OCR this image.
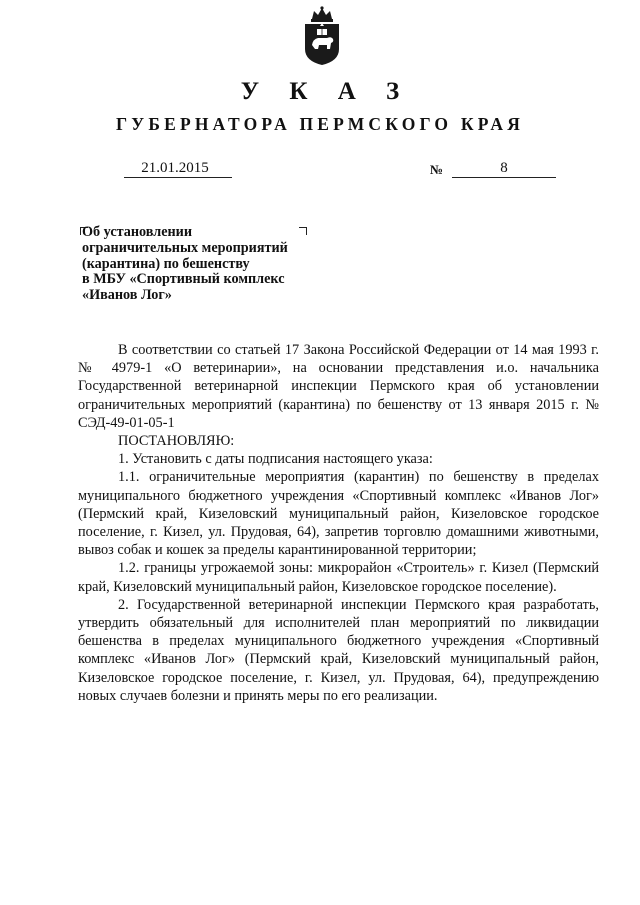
У К А З
ГУБЕРНАТОРА ПЕРМСКОГО КРАЯ
21.01.2015	№	8
Об установлении
ограничительных мероприятий
(карантина) по бешенству
в МБУ «Спортивный комплекс
«Иванов Лог»

В соответствии со статьей 17 Закона Российской Федерации от 14 мая 1993 г. № 4979-1 «О ветеринарии», на основании представления и.о. начальника Государственной ветеринарной инспекции Пермского края об установлении ограничительных мероприятий (карантина) по бешенству от 13 января 2015 г. № СЭД-49-01-05-1

ПОСТАНОВЛЯЮ:

1. Установить с даты подписания настоящего указа:

1.1. ограничительные мероприятия (карантин) по бешенству в пределах муниципального бюджетного учреждения «Спортивный комплекс «Иванов Лог» (Пермский край, Кизеловский муниципальный район, Кизеловское городское поселение, г. Кизел, ул. Прудовая, 64), запретив торговлю домашними животными, вывоз собак и кошек за пределы карантинированной территории;

1.2. границы угрожаемой зоны: микрорайон «Строитель» г. Кизел (Пермский край, Кизеловский муниципальный район, Кизеловское городское поселение).

2. Государственной ветеринарной инспекции Пермского края разработать, утвердить обязательный для исполнителей план мероприятий по ликвидации бешенства в пределах муниципального бюджетного учреждения «Спортивный комплекс «Иванов Лог» (Пермский край, Кизеловский муниципальный район, Кизеловское городское поселение, г. Кизел, ул. Прудовая, 64), предупреждению новых случаев болезни и принять меры по его реализации.
